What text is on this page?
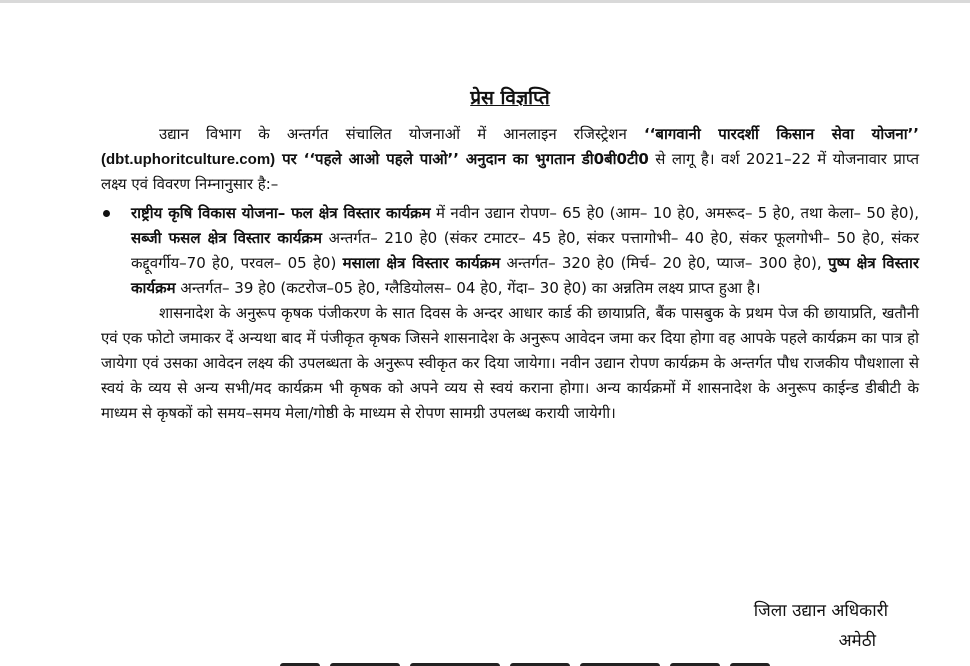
प्रेस विज्ञप्ति

उद्यान विभाग के अन्तर्गत संचालित योजनाओं में आनलाइन रजिस्ट्रेशन ‘‘बागवानी पारदर्शी किसान सेवा योजना’’ (dbt.uphoritculture.com) पर ‘‘पहले आओ पहले पाओ’’ अनुदान का भुगतान डी0बी0टी0 से लागू है। वर्श 2021–22 में योजनावार प्राप्त लक्ष्य एवं विवरण निम्नानुसार है:–

राष्ट्रीय कृषि विकास योजना– फल क्षेत्र विस्तार कार्यक्रम में नवीन उद्यान रोपण– 65 हे0 (आम– 10 हे0, अमरूद– 5 हे0, तथा केला– 50 हे0), सब्जी फसल क्षेत्र विस्तार कार्यक्रम अन्तर्गत– 210 हे0 (संकर टमाटर– 45 हे0, संकर पत्तागोभी– 40 हे0, संकर फूलगोभी– 50 हे0, संकर कद्दूवर्गीय–70 हे0, परवल– 05 हे0) मसाला क्षेत्र विस्तार कार्यक्रम अन्तर्गत– 320 हे0 (मिर्च– 20 हे0, प्याज– 300 हे0), पुष्प क्षेत्र विस्तार कार्यक्रम अन्तर्गत– 39 हे0 (कटरोज–05 हे0, ग्लैडियोलस– 04 हे0, गेंदा– 30 हे0) का अन्नतिम लक्ष्य प्राप्त हुआ है।

शासनादेश के अनुरूप कृषक पंजीकरण के सात दिवस के अन्दर आधार कार्ड की छायाप्रति, बैंक पासबुक के प्रथम पेज की छायाप्रति, खतौनी एवं एक फोटो जमाकर दें अन्यथा बाद में पंजीकृत कृषक जिसने शासनादेश के अनुरूप आवेदन जमा कर दिया होगा वह आपके पहले कार्यक्रम का पात्र हो जायेगा एवं उसका आवेदन लक्ष्य की उपलब्धता के अनुरूप स्वीकृत कर दिया जायेगा। नवीन उद्यान रोपण कार्यक्रम के अन्तर्गत पौध राजकीय पौधशाला से स्वयं के व्यय से अन्य सभी/मद कार्यक्रम भी कृषक को अपने व्यय से स्वयं कराना होगा। अन्य कार्यक्रमों में शासनादेश के अनुरूप काईन्ड डीबीटी के माध्यम से कृषकों को समय–समय मेला/गोष्ठी के माध्यम से रोपण सामग्री उपलब्ध करायी जायेगी।

जिला उद्यान अधिकारी
अमेठी
